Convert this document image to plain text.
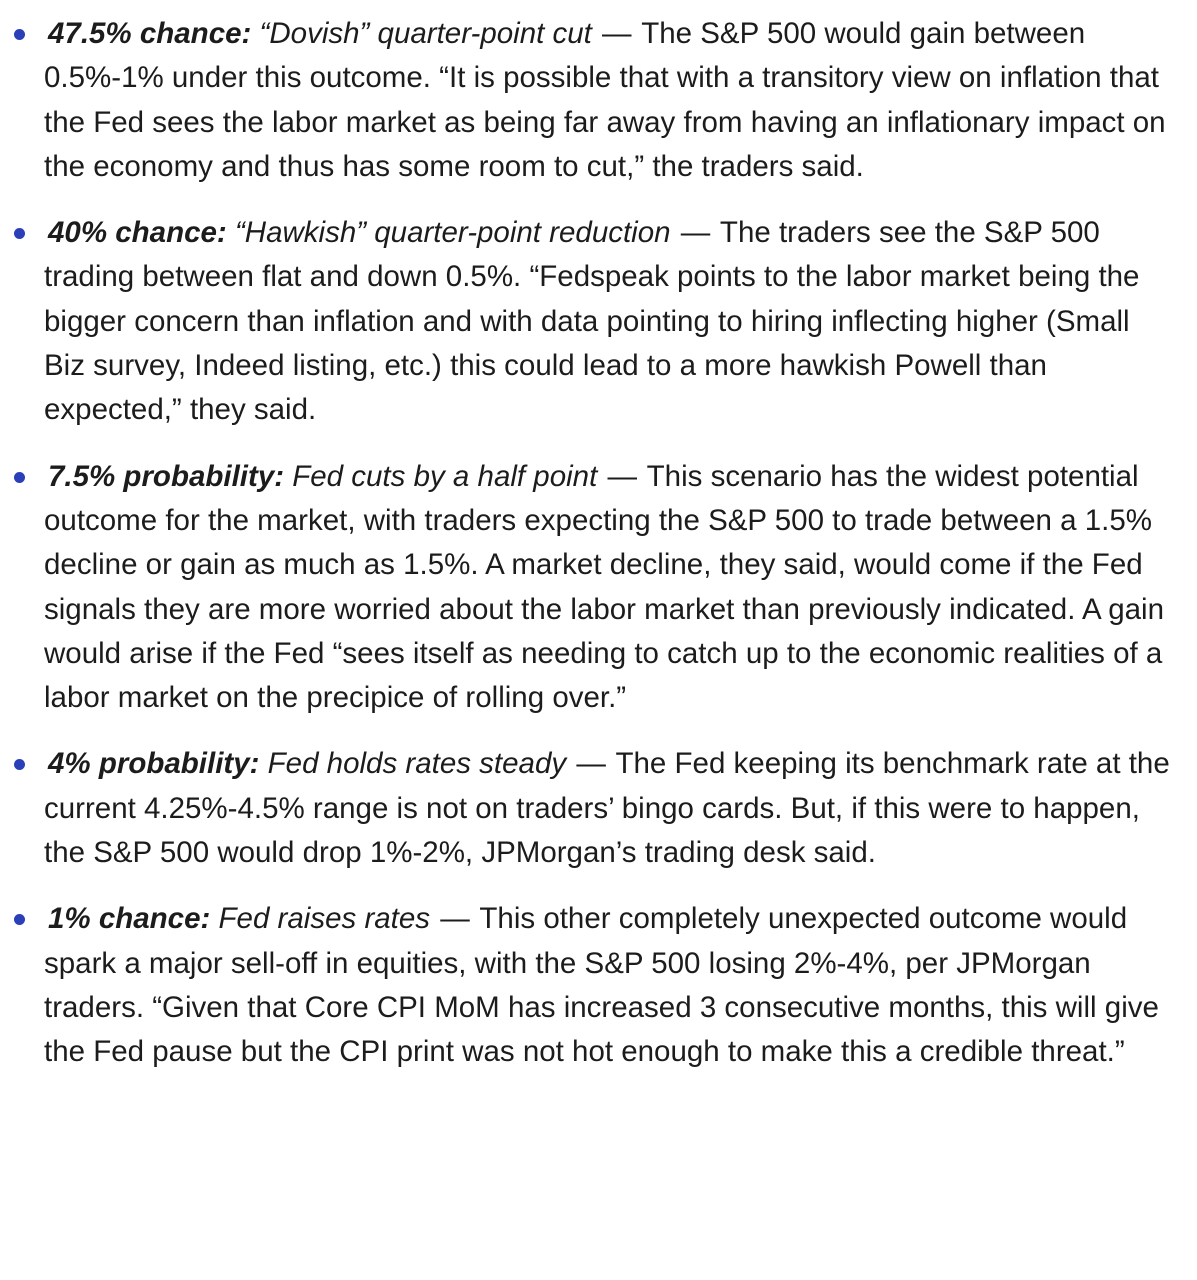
47.5% chance: “Dovish” quarter-point cut — The S&P 500 would gain between 0.5%-1% under this outcome. “It is possible that with a transitory view on inflation that the Fed sees the labor market as being far away from having an inflationary impact on the economy and thus has some room to cut,” the traders said.
40% chance: “Hawkish” quarter-point reduction — The traders see the S&P 500 trading between flat and down 0.5%. “Fedspeak points to the labor market being the bigger concern than inflation and with data pointing to hiring inflecting higher (Small Biz survey, Indeed listing, etc.) this could lead to a more hawkish Powell than expected,” they said.
7.5% probability: Fed cuts by a half point — This scenario has the widest potential outcome for the market, with traders expecting the S&P 500 to trade between a 1.5% decline or gain as much as 1.5%. A market decline, they said, would come if the Fed signals they are more worried about the labor market than previously indicated. A gain would arise if the Fed “sees itself as needing to catch up to the economic realities of a labor market on the precipice of rolling over.”
4% probability: Fed holds rates steady — The Fed keeping its benchmark rate at the current 4.25%-4.5% range is not on traders’ bingo cards. But, if this were to happen, the S&P 500 would drop 1%-2%, JPMorgan’s trading desk said.
1% chance: Fed raises rates — This other completely unexpected outcome would spark a major sell-off in equities, with the S&P 500 losing 2%-4%, per JPMorgan traders. “Given that Core CPI MoM has increased 3 consecutive months, this will give the Fed pause but the CPI print was not hot enough to make this a credible threat.”
